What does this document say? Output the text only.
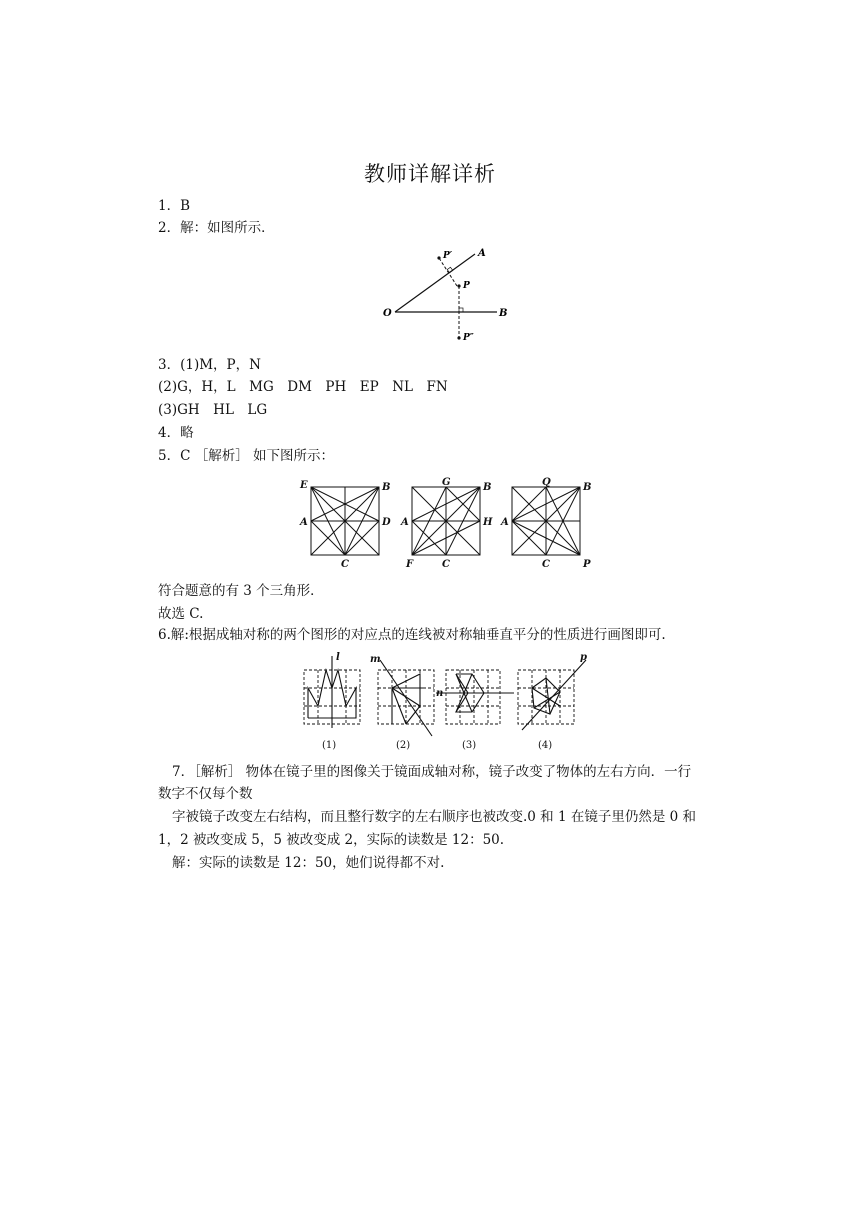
教师详解详析
1．B
2．解：如图所示．
O
A
B
P
P′
P″
3．(1)M，P，N
(2)G，H，L　MG　DM　PH　EP　NL　FN
(3)GH　HL　LG
4．略
5．C ［解析］ 如下图所示：
E	B
A	D
C
G	B
A	H
F	C
Q	B
A
C	P
符合题意的有 3 个三角形．
故选 C.
6.解:根据成轴对称的两个图形的对应点的连线被对称轴垂直平分的性质进行画图即可.
l	m
n
p
(1)	(2)	(3)	(4)
7．［解析］ 物体在镜子里的图像关于镜面成轴对称，镜子改变了物体的左右方向．一行
数字不仅每个数
字被镜子改变左右结构，而且整行数字的左右顺序也被改变.0 和 1 在镜子里仍然是 0 和
1，2 被改变成 5，5 被改变成 2，实际的读数是 12：50.
解：实际的读数是 12：50，她们说得都不对.
